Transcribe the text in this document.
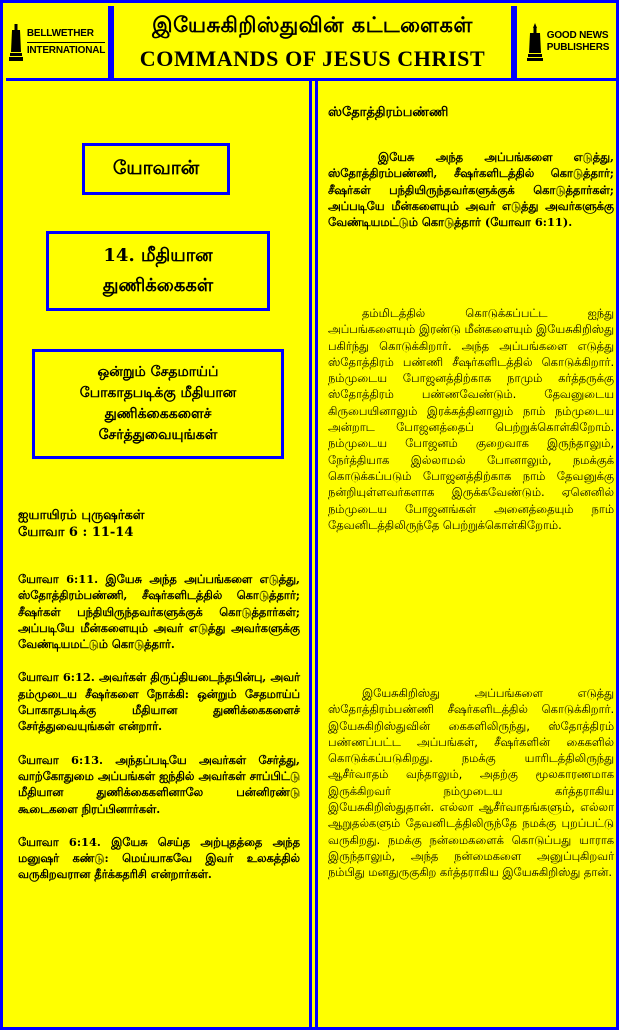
BELLWETHER
INTERNATIONAL
இயேசுகிறிஸ்துவின் கட்டளைகள்
COMMANDS OF JESUS CHRIST
GOOD NEWS
PUBLISHERS
யோவான்
14. மீதியான
துணிக்கைகள்
ஒன்றும் சேதமாய்ப்
போகாதபடிக்கு மீதியான
துணிக்கைகளைச்
சேர்த்துவையுங்கள்
ஐயாயிரம் புருஷர்கள்
யோவா 6 : 11-14

யோவா 6:11. இயேசு அந்த அப்பங்களை எடுத்து, ஸ்தோத்திரம்பண்ணி, சீஷர்களிடத்தில் கொடுத்தார்; சீஷர்கள் பந்தியிருந்தவர்களுக்குக் கொடுத்தார்கள்; அப்படியே மீன்களையும் அவர் எடுத்து அவர்களுக்கு வேண்டியமட்டும் கொடுத்தார்.

யோவா 6:12. அவர்கள் திருப்தியடைந்தபின்பு, அவர் தம்முடைய சீஷர்களை நோக்கி: ஒன்றும் சேதமாய்ப் போகாதபடிக்கு மீதியான துணிக்கைகளைச் சேர்த்துவையுங்கள் என்றார்.

யோவா 6:13. அந்தப்படியே அவர்கள் சேர்த்து, வாற்கோதுமை அப்பங்கள் ஐந்தில் அவர்கள் சாப்பிட்டு மீதியான துணிக்கைகளினாலே பன்னிரண்டு கூடைகளை நிரப்பினார்கள்.

யோவா 6:14. இயேசு செய்த அற்புதத்தை அந்த மனுஷர் கண்டு: மெய்யாகவே இவர் உலகத்தில் வருகிறவரான தீர்க்கதரிசி என்றார்கள்.

ஸ்தோத்திரம்பண்ணி
இயேசு அந்த அப்பங்களை எடுத்து, ஸ்தோத்திரம்பண்ணி, சீஷர்களிடத்தில் கொடுத்தார்; சீஷர்கள் பந்தியிருந்தவர்களுக்குக் கொடுத்தார்கள்; அப்படியே மீன்களையும் அவர் எடுத்து அவர்களுக்கு வேண்டியமட்டும் கொடுத்தார் (யோவா 6:11).
தம்மிடத்தில் கொடுக்கப்பட்ட ஐந்து அப்பங்களையும் இரண்டு மீன்களையும் இயேசுகிறிஸ்து பகிர்ந்து கொடுக்கிறார். அந்த அப்பங்களை எடுத்து ஸ்தோத்திரம் பண்ணி சீஷர்களிடத்தில் கொடுக்கிறார். நம்முடைய போஜனத்திற்காக நாமும் கர்த்தருக்கு ஸ்தோத்திரம் பண்ணவேண்டும். தேவனுடைய கிருபையினாலும் இரக்கத்தினாலும் நாம் நம்முடைய அன்றாட போஜனத்தைப் பெற்றுக்கொள்கிறோம். நம்முடைய போஜனம் குறைவாக இருந்தாலும், நேர்த்தியாக இல்லாமல் போனாலும், நமக்குக் கொடுக்கப்படும் போஜனத்திற்காக நாம் தேவனுக்கு நன்றியுள்ளவர்களாக இருக்கவேண்டும். ஏனெனில் நம்முடைய போஜனங்கள் அனைத்தையும் நாம் தேவனிடத்திலிருந்தே பெற்றுக்கொள்கிறோம்.
இயேசுகிறிஸ்து அப்பங்களை எடுத்து ஸ்தோத்திரம்பண்ணி சீஷர்களிடத்தில் கொடுக்கிறார். இயேசுகிறிஸ்துவின் கைகளிலிருந்து, ஸ்தோத்திரம் பண்ணப்பட்ட அப்பங்கள், சீஷர்களின் கைகளில் கொடுக்கப்படுகிறது. நமக்கு யாரிடத்திலிருந்து ஆசீர்வாதம் வந்தாலும், அதற்கு மூலகாரணமாக இருக்கிறவர் நம்முடைய கர்த்தராகிய இயேசுகிறிஸ்துதான். எல்லா ஆசீர்வாதங்களும், எல்லா ஆறுதல்களும் தேவனிடத்திலிருந்தே நமக்கு புறப்பட்டு வருகிறது. நமக்கு நன்மைகளைக் கொடுப்பது யாராக இருந்தாலும், அந்த நன்மைகளை அனுப்புகிறவர் நம்பிது மனதுருகுகிற கர்த்தராகிய இயேசுகிறிஸ்து தான்.
